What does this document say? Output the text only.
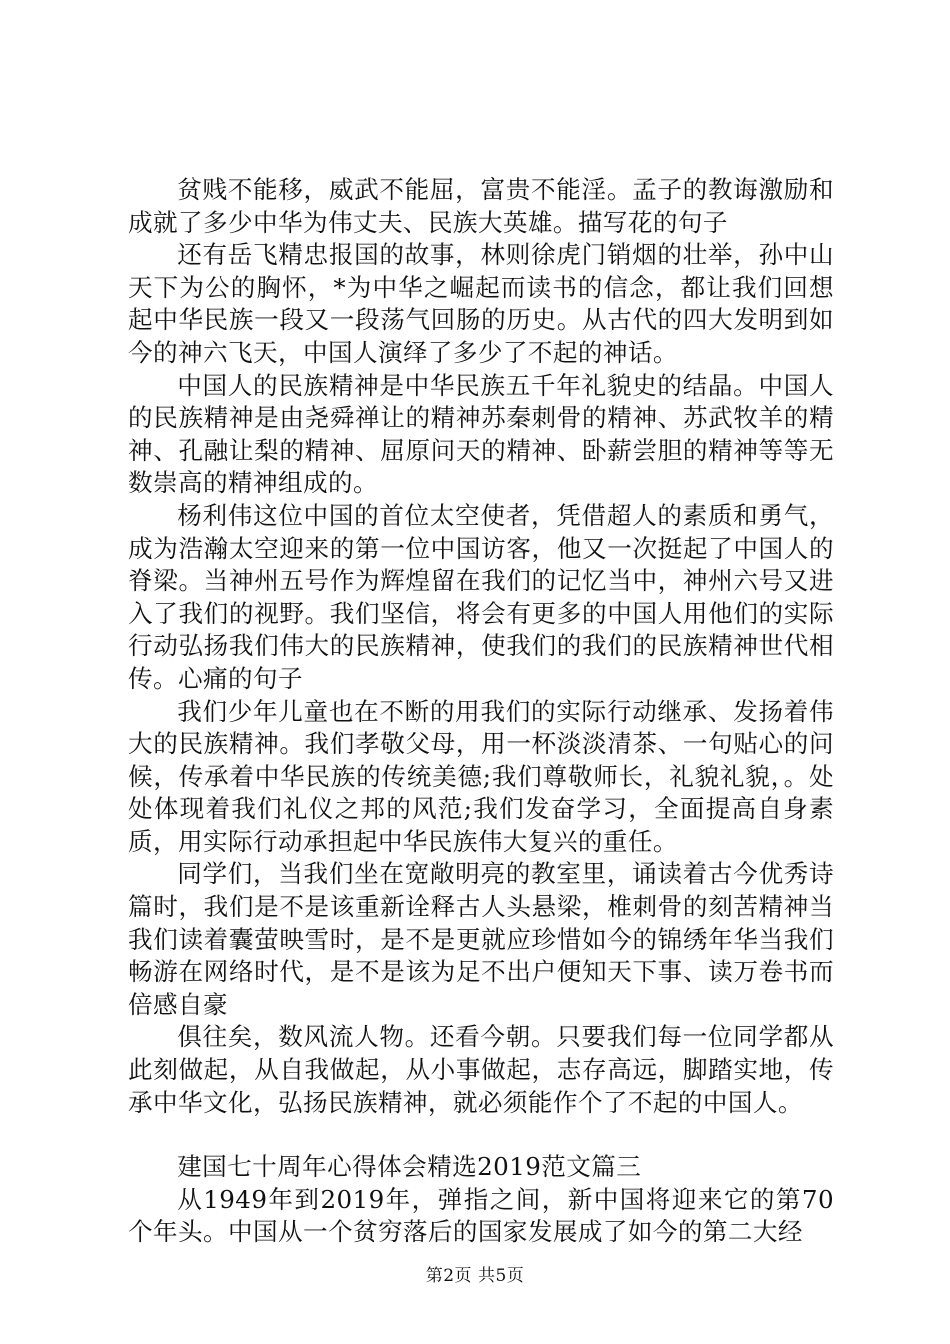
贫贱不能移，威武不能屈，富贵不能淫。孟子的教诲激励和成就了多少中华为伟丈夫、民族大英雄。描写花的句子

还有岳飞精忠报国的故事，林则徐虎门销烟的壮举，孙中山天下为公的胸怀，*为中华之崛起而读书的信念，都让我们回想起中华民族一段又一段荡气回肠的历史。从古代的四大发明到如今的神六飞天，中国人演绎了多少了不起的神话。

中国人的民族精神是中华民族五千年礼貌史的结晶。中国人的民族精神是由尧舜禅让的精神苏秦刺骨的精神、苏武牧羊的精神、孔融让梨的精神、屈原问天的精神、卧薪尝胆的精神等等无数崇高的精神组成的。

杨利伟这位中国的首位太空使者，凭借超人的素质和勇气，成为浩瀚太空迎来的第一位中国访客，他又一次挺起了中国人的脊梁。当神州五号作为辉煌留在我们的记忆当中，神州六号又进入了我们的视野。我们坚信，将会有更多的中国人用他们的实际行动弘扬我们伟大的民族精神，使我们的我们的民族精神世代相传。心痛的句子

我们少年儿童也在不断的用我们的实际行动继承、发扬着伟大的民族精神。我们孝敬父母，用一杯淡淡清茶、一句贴心的问候，传承着中华民族的传统美德;我们尊敬师长，礼貌礼貌，。处处体现着我们礼仪之邦的风范;我们发奋学习，全面提高自身素质，用实际行动承担起中华民族伟大复兴的重任。

同学们，当我们坐在宽敞明亮的教室里，诵读着古今优秀诗篇时，我们是不是该重新诠释古人头悬梁，椎刺骨的刻苦精神当我们读着囊萤映雪时，是不是更就应珍惜如今的锦绣年华当我们畅游在网络时代，是不是该为足不出户便知天下事、读万卷书而倍感自豪

俱往矣，数风流人物。还看今朝。只要我们每一位同学都从此刻做起，从自我做起，从小事做起，志存高远，脚踏实地，传承中华文化，弘扬民族精神，就必须能作个了不起的中国人。

建国七十周年心得体会精选2019范文篇三

从1949年到2019年，弹指之间，新中国将迎来它的第70个年头。中国从一个贫穷落后的国家发展成了如今的第二大经

第2页 共5页
